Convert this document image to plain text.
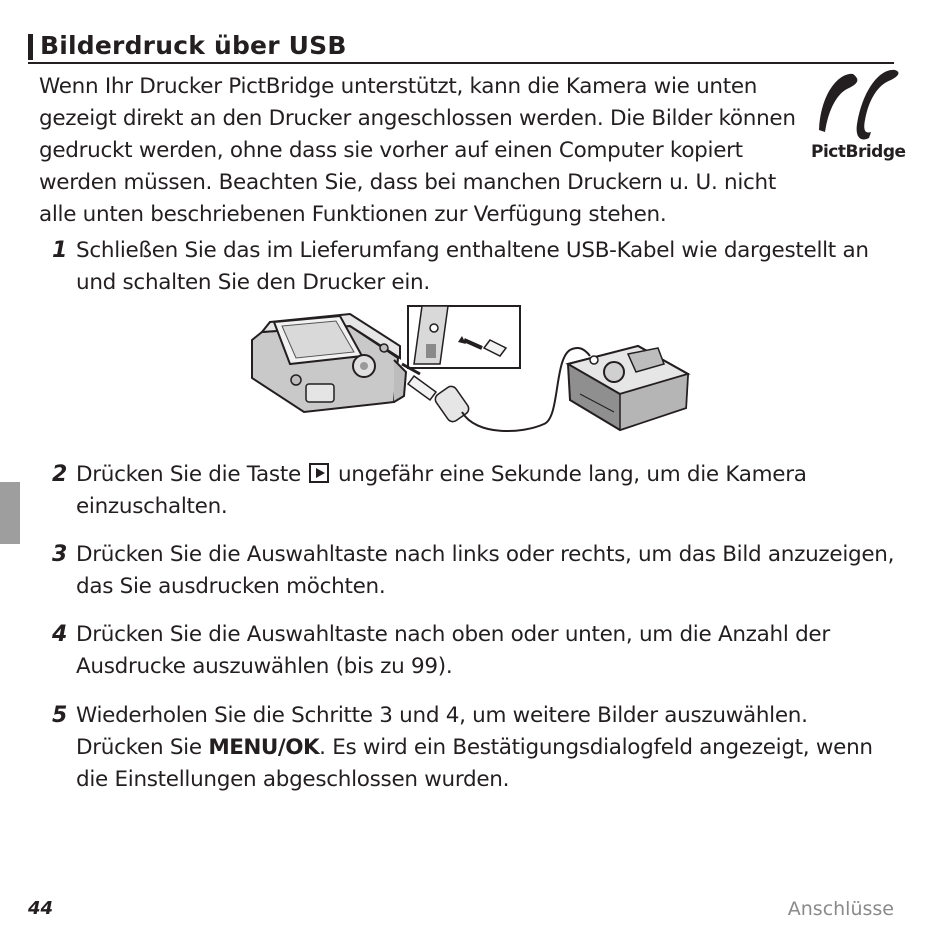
Bilderdruck über USB
Wenn Ihr Drucker PictBridge unterstützt, kann die Kamera wie unten gezeigt direkt an den Drucker angeschlossen werden. Die Bilder können gedruckt werden, ohne dass sie vorher auf einen Computer kopiert werden müssen. Beachten Sie, dass bei manchen Druckern u. U. nicht alle unten beschriebenen Funktionen zur Verfügung stehen.
PictBridge
1 Schließen Sie das im Lieferumfang enthaltene USB-Kabel wie dargestellt an und schalten Sie den Drucker ein.
2 Drücken Sie die Taste ungefähr eine Sekunde lang, um die Kamera einzuschalten.
3 Drücken Sie die Auswahltaste nach links oder rechts, um das Bild anzuzeigen, das Sie ausdrucken möchten.
4 Drücken Sie die Auswahltaste nach oben oder unten, um die Anzahl der Ausdrucke auszuwählen (bis zu 99).
5 Wiederholen Sie die Schritte 3 und 4, um weitere Bilder auszuwählen. Drücken Sie MENU/OK. Es wird ein Bestätigungsdialogfeld angezeigt, wenn die Einstellungen abgeschlossen wurden.
44	Anschlüsse
